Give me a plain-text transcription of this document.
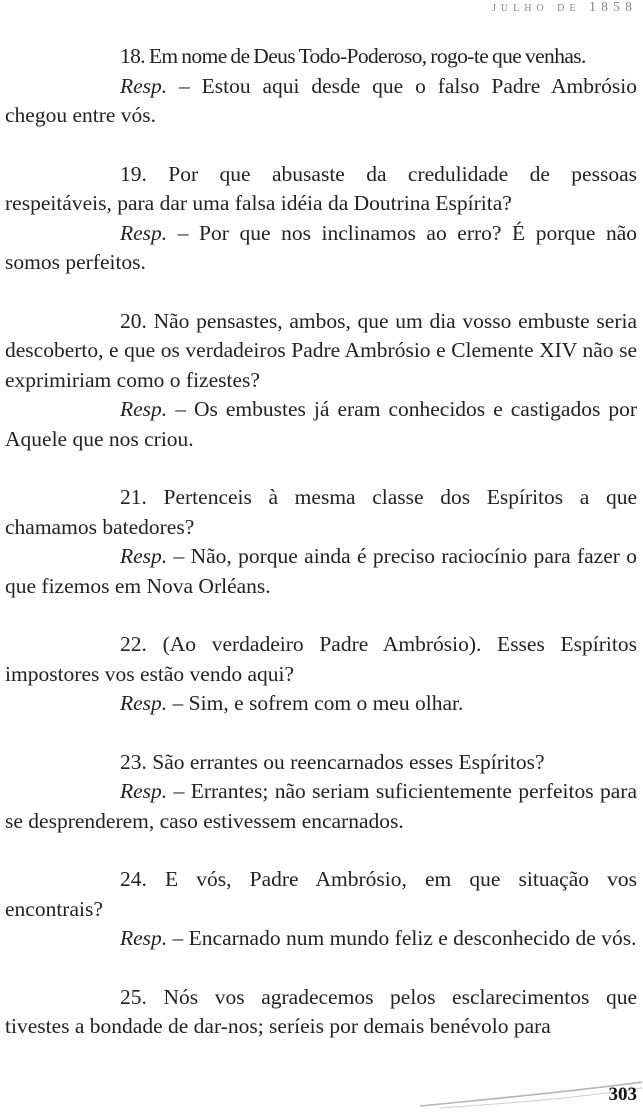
julho de 1858

18. Em nome de Deus Todo-Poderoso, rogo-te que venhas.

Resp. – Estou aqui desde que o falso Padre Ambrósio chegou entre vós.

19. Por que abusaste da credulidade de pessoas respeitáveis, para dar uma falsa idéia da Doutrina Espírita?

Resp. – Por que nos inclinamos ao erro? É porque não somos perfeitos.

20. Não pensastes, ambos, que um dia vosso embuste seria descoberto, e que os verdadeiros Padre Ambrósio e Clemente XIV não se exprimiriam como o fizestes?

Resp. – Os embustes já eram conhecidos e castigados por Aquele que nos criou.

21. Pertenceis à mesma classe dos Espíritos a que chamamos batedores?

Resp. – Não, porque ainda é preciso raciocínio para fazer o que fizemos em Nova Orléans.

22. (Ao verdadeiro Padre Ambrósio). Esses Espíritos impostores vos estão vendo aqui?

Resp. – Sim, e sofrem com o meu olhar.

23. São errantes ou reencarnados esses Espíritos?

Resp. – Errantes; não seriam suficientemente perfeitos para se desprenderem, caso estivessem encarnados.

24. E vós, Padre Ambrósio, em que situação vos encontrais?

Resp. – Encarnado num mundo feliz e desconhecido de vós.

25. Nós vos agradecemos pelos esclarecimentos que tivestes a bondade de dar-nos; seríeis por demais benévolo para

303
